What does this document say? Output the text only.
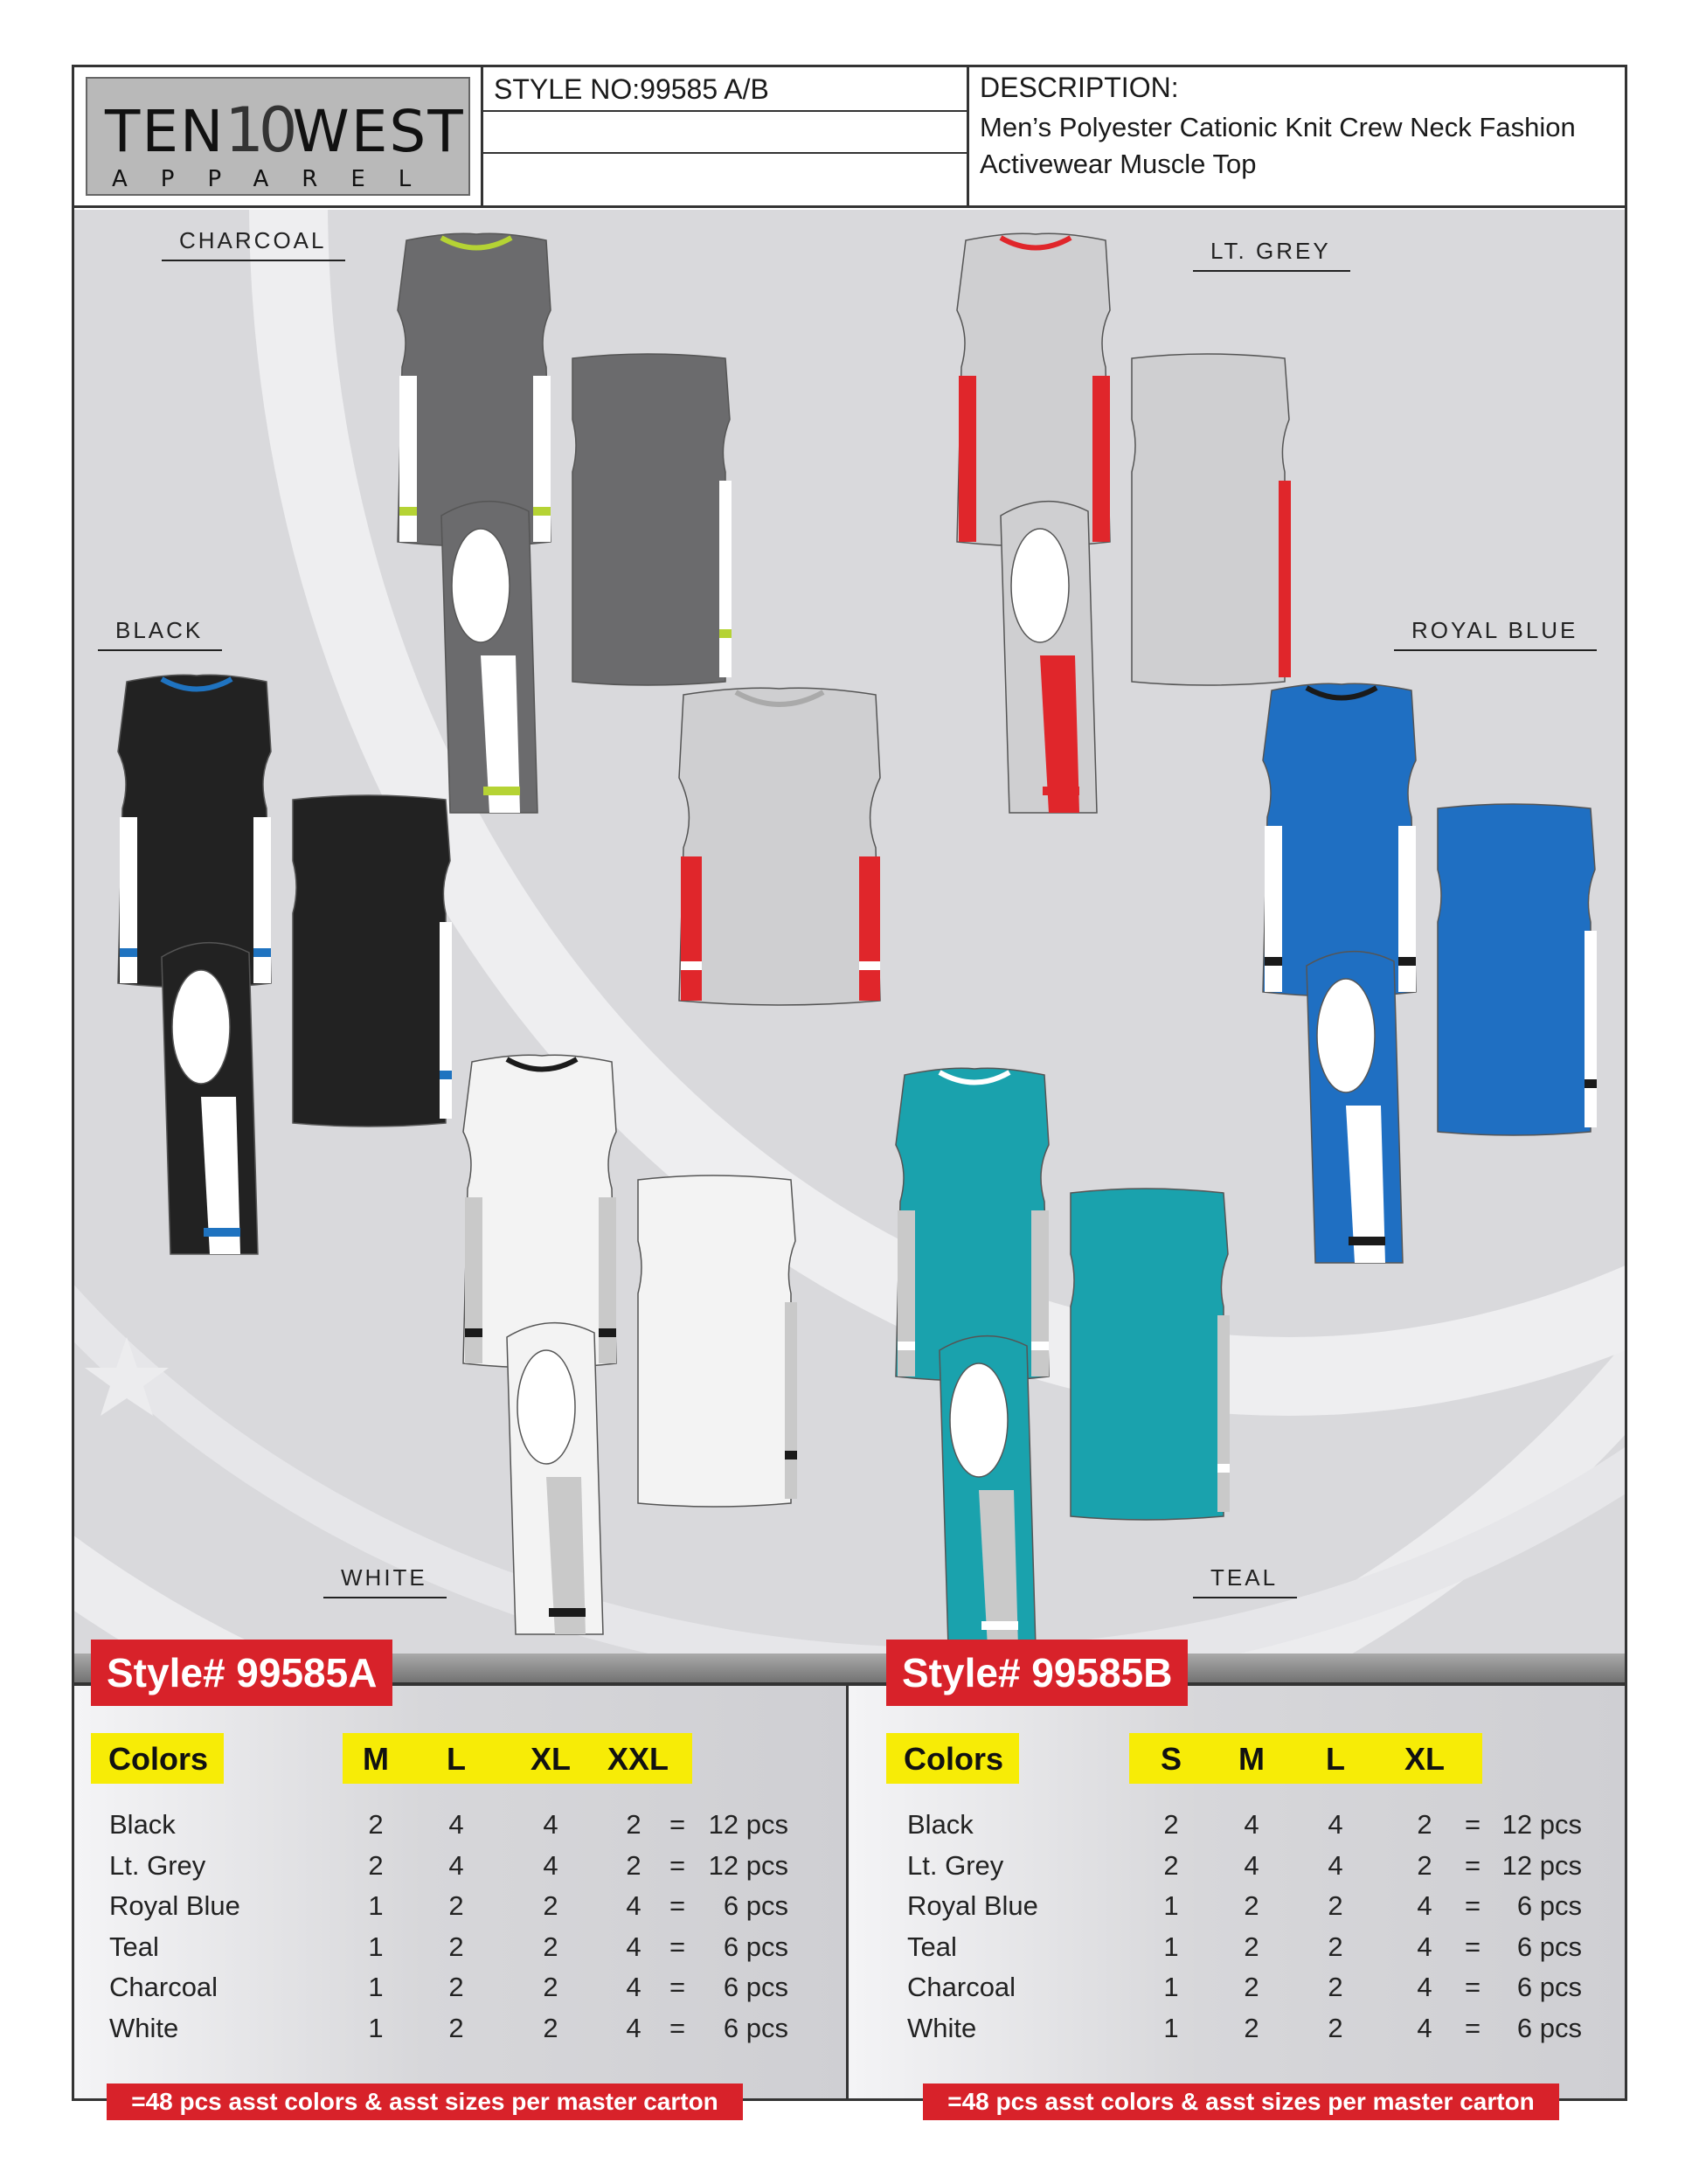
TEN10WEST
APPAREL
STYLE NO:99585 A/B	DESCRIPTION:
Men’s Polyester Cationic Knit Crew Neck Fashion
Activewear Muscle Top
CHARCOAL	LT. GREY
BLACK	ROYAL BLUE
WHITE	TEAL
Style# 99585A	Style# 99585B
Colors	M	L	XL XXL
Black	2	4	4	2	= 12 pcs
Lt. Grey	2	4	4	2	= 12 pcs
Royal Blue	1	2	2	4	=	6 pcs
Teal	1	2	2	4	=	6 pcs
Charcoal	1	2	2	4	=	6 pcs
White	1	2	2	4	=	6 pcs
Colors	S	M	L	XL
Black	2	4	4	2	= 12 pcs
Lt. Grey	2	4	4	2	= 12 pcs
Royal Blue	1	2	2	4	=	6 pcs
Teal	1	2	2	4	=	6 pcs
Charcoal	1	2	2	4	=	6 pcs
White	1	2	2	4	=	6 pcs
=48 pcs asst colors & asst sizes per master carton	=48 pcs asst colors & asst sizes per master carton
